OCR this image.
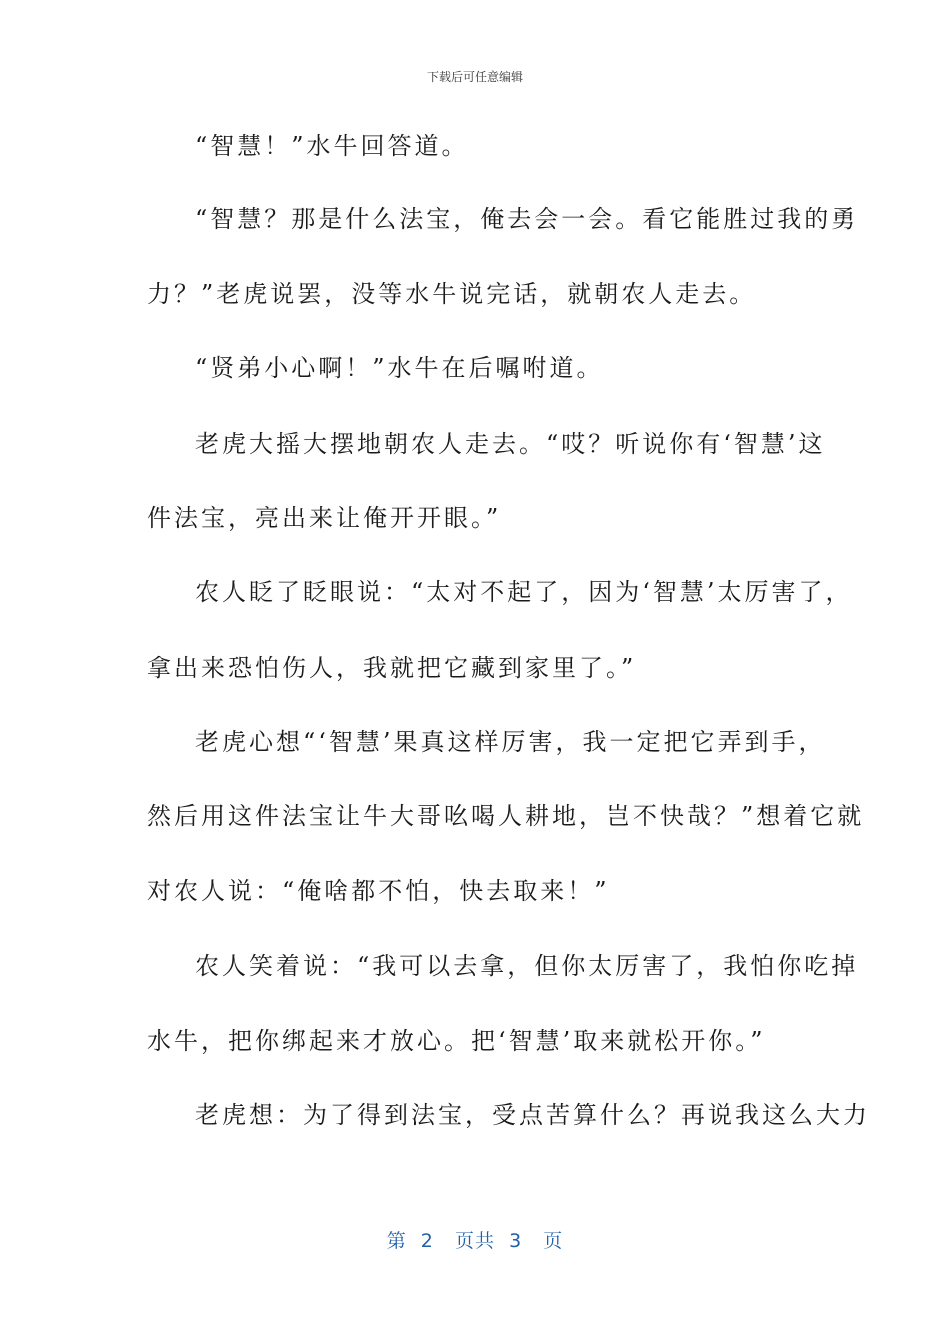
下载后可任意编辑
“智慧！”水牛回答道。
“智慧？那是什么法宝，俺去会一会。看它能胜过我的勇
力？”老虎说罢，没等水牛说完话，就朝农人走去。
“贤弟小心啊！”水牛在后嘱咐道。
老虎大摇大摆地朝农人走去。“哎？听说你有‘智慧’这
件法宝，亮出来让俺开开眼。”
农人眨了眨眼说：“太对不起了，因为‘智慧’太厉害了，
拿出来恐怕伤人，我就把它藏到家里了。”
老虎心想“‘智慧’果真这样厉害，我一定把它弄到手，
然后用这件法宝让牛大哥吆喝人耕地，岂不快哉？”想着它就
对农人说：“俺啥都不怕，快去取来！”
农人笑着说：“我可以去拿，但你太厉害了，我怕你吃掉
水牛，把你绑起来才放心。把‘智慧’取来就松开你。”
老虎想：为了得到法宝，受点苦算什么？再说我这么大力
第  2   页共  3   页
